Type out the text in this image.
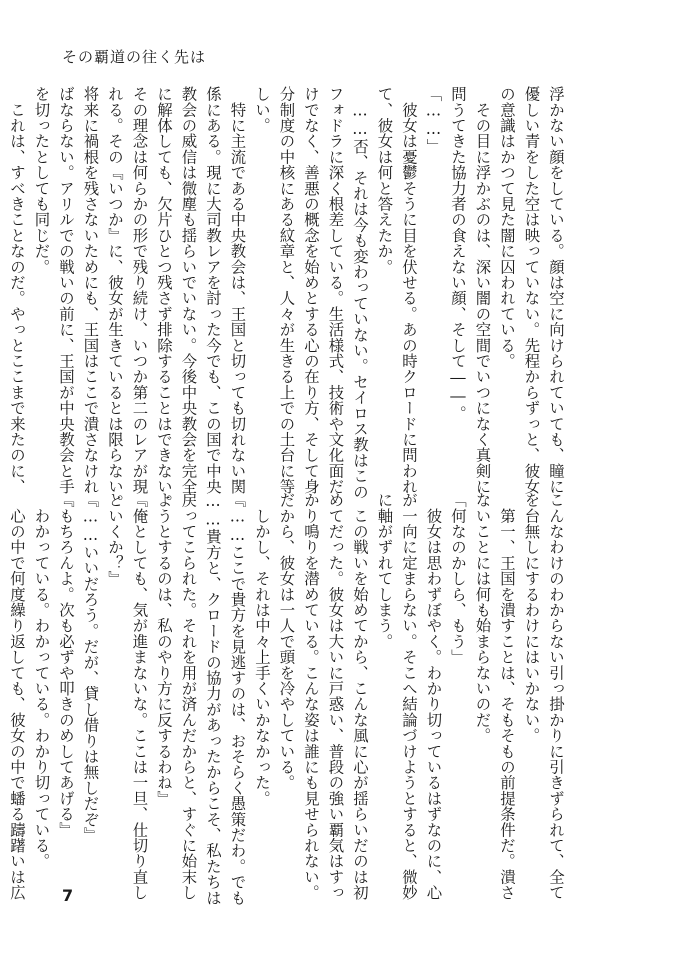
その覇道の往く先は
浮かない顔をしている。顔は空に向けられていても、瞳に
優しい青をした空は映っていない。先程からずっと、彼女
の意識はかつて見た闇に囚われている。
　その目に浮かぶのは、深い闇の空間でいつになく真剣に
問うてきた協力者の食えない顔、そして――。
「……」
　彼女は憂鬱そうに目を伏せる。あの時クロードに問われ
て、彼女は何と答えたか。
　……否、それは今も変わっていない。セイロス教はこの
フォドラに深く根差している。生活様式、技術や文化面だ
けでなく、善悪の概念を始めとする心の在り方、そして身
分制度の中核にある紋章と、人々が生きる上での土台に等
しい。
　特に主流である中央教会は、王国と切っても切れない関
係にある。現に大司教レアを討った今でも、この国で中央
教会の威信は微塵も揺らいでいない。今後中央教会を完全
に解体しても、欠片ひとつ残さず排除することはできない。
その理念は何らかの形で残り続け、いつか第二のレアが現
れる。その『いつか』に、彼女が生きているとは限らない。
将来に禍根を残さないためにも、王国はここで潰さなけれ
ばならない。アリルでの戦いの前に、王国が中央教会と手
を切ったとしても同じだ。
　これは、すべきことなのだ。やっとここまで来たのに、
こんなわけのわからない引っ掛かりに引きずられて、全て
を台無しにするわけにはいかない。
　第一、王国を潰すことは、そもそもの前提条件だ。潰さ
ないことには何も始まらないのだ。
「何なのかしら、もう」
　彼女は思わずぼやく。わかり切っているはずなのに、心
が一向に定まらない。そこへ結論づけようとすると、微妙
に軸がずれてしまう。
　この戦いを始めてから、こんな風に心が揺らいだのは初
めてだった。彼女は大いに戸惑い、普段の強い覇気はすっ
かり鳴りを潜めている。こんな姿は誰にも見せられない。
だから、彼女は一人で頭を冷やしている。
　しかし、それは中々上手くいかなかった。
『……ここで貴方を見逃すのは、おそらく愚策だわ。でも
……貴方と、クロードの協力があったからこそ、私たちは
戻ってこられた。それを用が済んだからと、すぐに始末し
ようとするのは、私のやり方に反するわね』
『俺としても、気が進まないな。ここは一旦、仕切り直し
といくか？』
『……いいだろう。だが、貸し借りは無しだぞ』
『もちろんよ。次も必ずや叩きのめしてあげる』
　わかっている。わかっている。わかり切っている。
　心の中で何度繰り返しても、彼女の中で蟠る躊躇いは広 7
